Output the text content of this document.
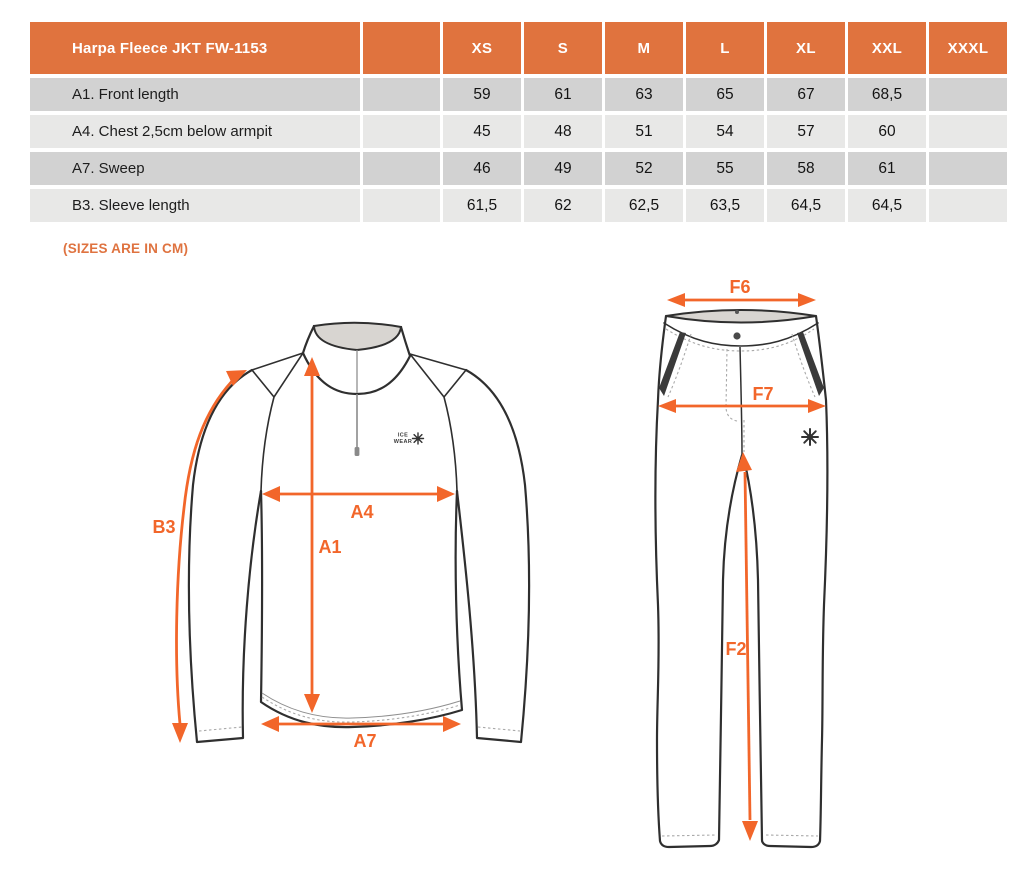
Harpa Fleece JKT FW-1153	XS	S	M	L	XL	XXL	XXXL
A1. Front length	59	61	63	65	67	68,5
A4. Chest 2,5cm below armpit	45	48	51	54	57	60
A7. Sweep	46	49	52	55	58	61
B3. Sleeve length	61,5	62	62,5	63,5	64,5	64,5
(SIZES ARE IN CM)
ICE
WEAR
B3
A1
A4
A7
F6
F7
F2
